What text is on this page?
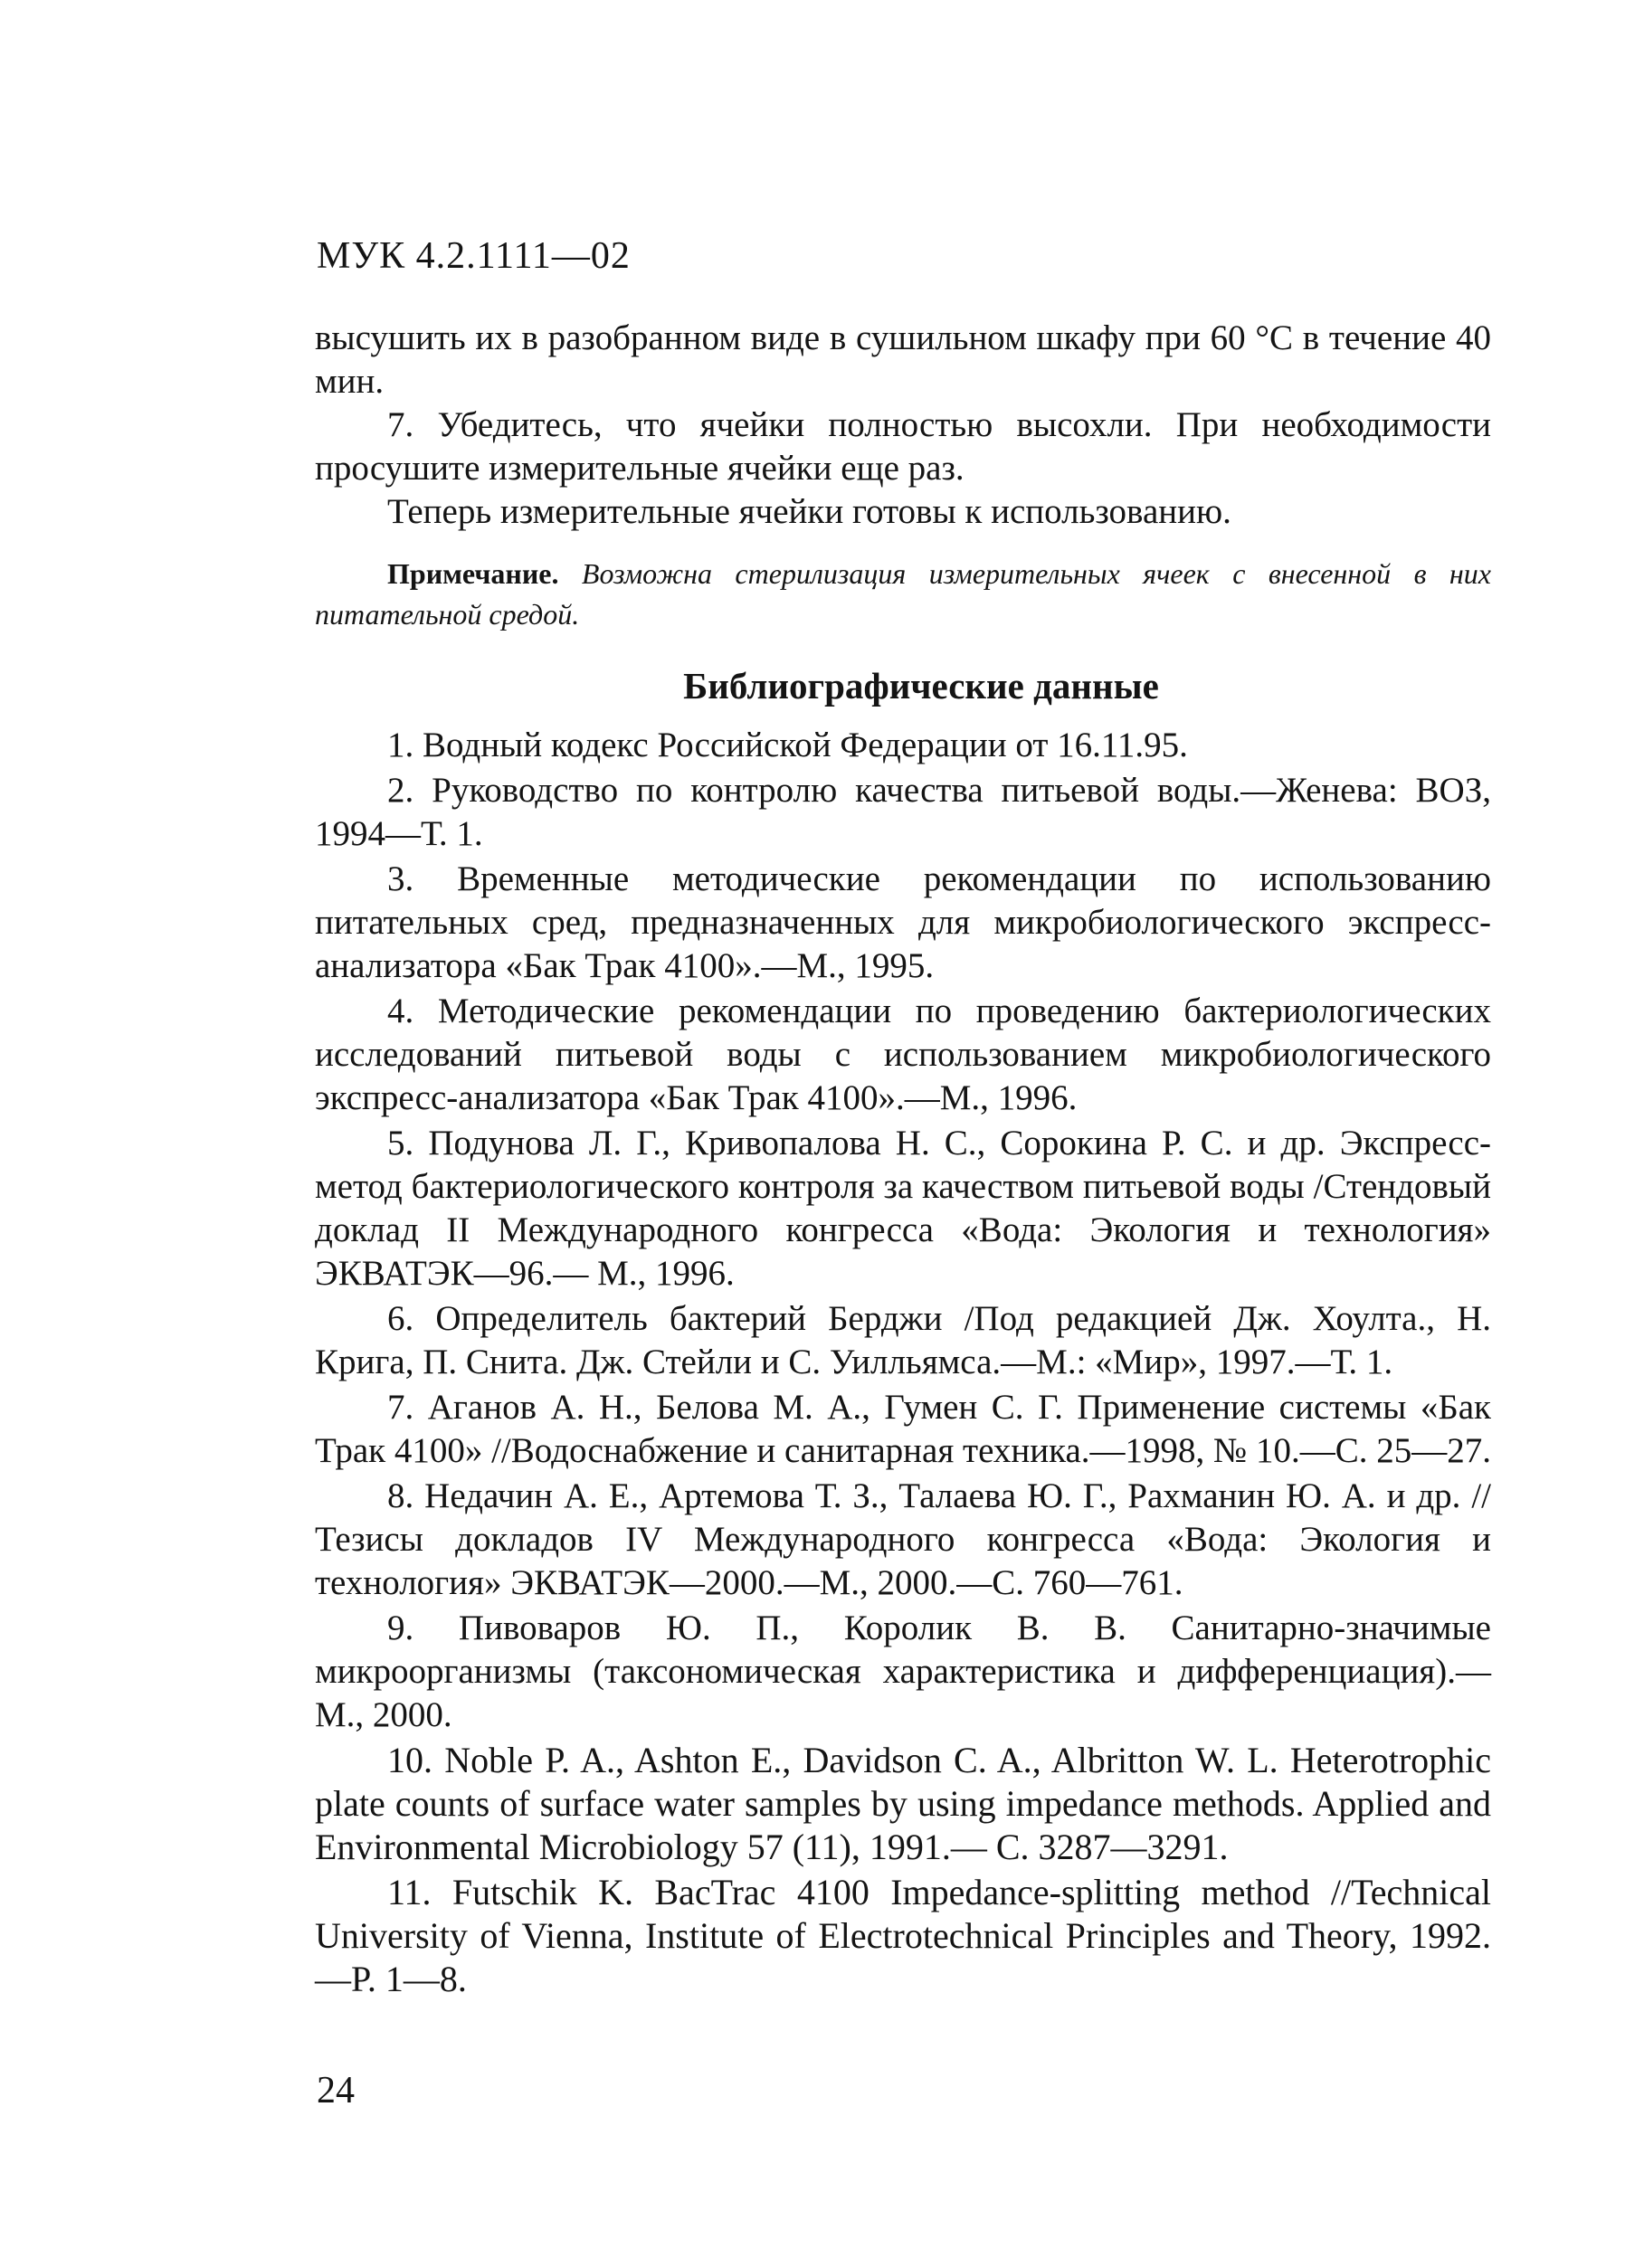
МУК 4.2.1111—02

высушить их в разобранном виде в сушильном шкафу при 60 °С в течение 40 мин.

7. Убедитесь, что ячейки полностью высохли. При необходимости просушите измерительные ячейки еще раз.

Теперь измерительные ячейки готовы к использованию.

Примечание. Возможна стерилизация измерительных ячеек с внесенной в них питательной средой.

Библиографические данные
1. Водный кодекс Российской Федерации от 16.11.95.
2. Руководство по контролю качества питьевой воды.—Женева: ВОЗ, 1994—Т. 1.
3. Временные методические рекомендации по использованию питательных сред, предназначенных для микробиологического экспресс-анализатора «Бак Трак 4100».—М., 1995.
4. Методические рекомендации по проведению бактериологических исследований питьевой воды с использованием микробиологического экспресс-анализатора «Бак Трак 4100».—М., 1996.
5. Подунова Л. Г., Кривопалова Н. С., Сорокина Р. С. и др. Экспресс-метод бактериологического контроля за качеством питьевой воды /Стендовый доклад II Международного конгресса «Вода: Экология и технология» ЭКВАТЭК—96.— М., 1996.
6. Определитель бактерий Берджи /Под редакцией Дж. Хоулта., Н. Крига, П. Снита. Дж. Стейли и С. Уилльямса.—М.: «Мир», 1997.—Т. 1.
7. Аганов А. Н., Белова М. А., Гумен С. Г. Применение системы «Бак Трак 4100» //Водоснабжение и санитарная техника.—1998, № 10.—С. 25—27.
8. Недачин А. Е., Артемова Т. З., Талаева Ю. Г., Рахманин Ю. А. и др. //Тезисы докладов IV Международного конгресса «Вода: Экология и технология» ЭКВАТЭК—2000.—М., 2000.—С. 760—761.
9. Пивоваров Ю. П., Королик В. В. Санитарно-значимые микроорганизмы (таксономическая характеристика и дифференциация).— М., 2000.
10. Noble P. A., Ashton E., Davidson C. A., Albritton W. L. Heterotrophic plate counts of surface water samples by using impedance methods. Applied and Environmental Microbiology 57 (11), 1991.— C. 3287—3291.
11. Futschik K. BacTrac 4100 Impedance-splitting method //Technical University of Vienna, Institute of Electrotechnical Principles and Theory, 1992.—P. 1—8.
24
